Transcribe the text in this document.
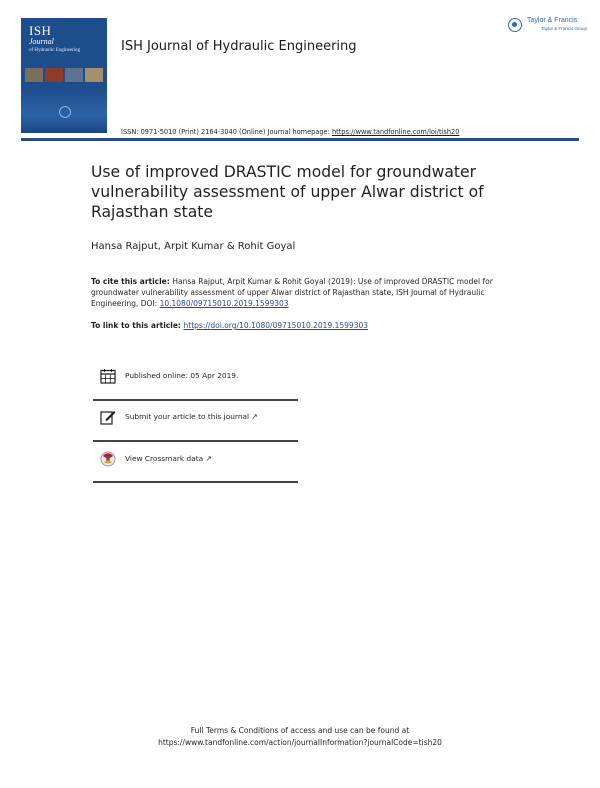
ISH
Journal
of Hydraulic Engineering	ISH Journal of Hydraulic Engineering
Taylor & Francis
Taylor & Francis Group
ISSN: 0971-5010 (Print) 2164-3040 (Online) Journal homepage: https://www.tandfonline.com/loi/tish20
Use of improved DRASTIC model for groundwater vulnerability assessment of upper Alwar district of Rajasthan state
Hansa Rajput, Arpit Kumar & Rohit Goyal
To cite this article: Hansa Rajput, Arpit Kumar & Rohit Goyal (2019): Use of improved DRASTIC model for groundwater vulnerability assessment of upper Alwar district of Rajasthan state, ISH Journal of Hydraulic Engineering, DOI: 10.1080/09715010.2019.1599303
To link to this article: https://doi.org/10.1080/09715010.2019.1599303
Published online: 05 Apr 2019.
Submit your article to this journal ↗
View Crossmark data ↗
Full Terms & Conditions of access and use can be found at
https://www.tandfonline.com/action/journalInformation?journalCode=tish20
